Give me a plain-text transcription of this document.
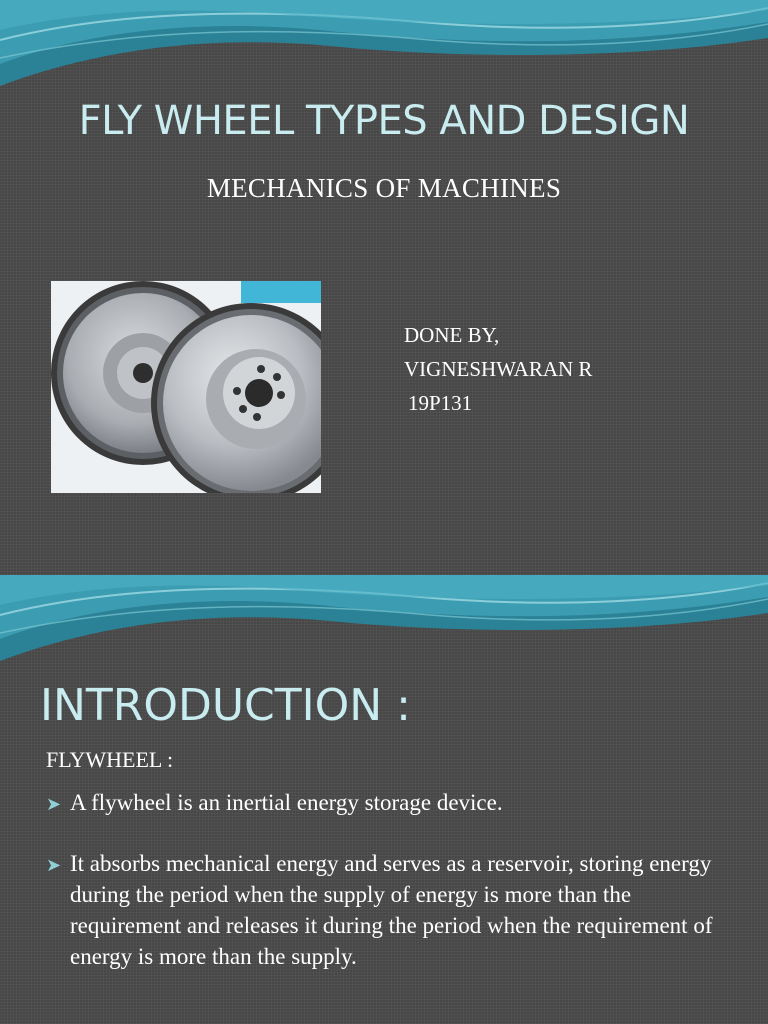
FLY WHEEL TYPES AND DESIGN
MECHANICS OF MACHINES
DONE BY,
VIGNESHWARAN R
19P131
INTRODUCTION :
FLYWHEEL :
➤ A flywheel is an inertial energy storage device.
➤ It absorbs mechanical energy and serves as a reservoir, storing energy during the period when the supply of energy is more than the requirement and releases it during the period when the requirement of energy is more than the supply.
